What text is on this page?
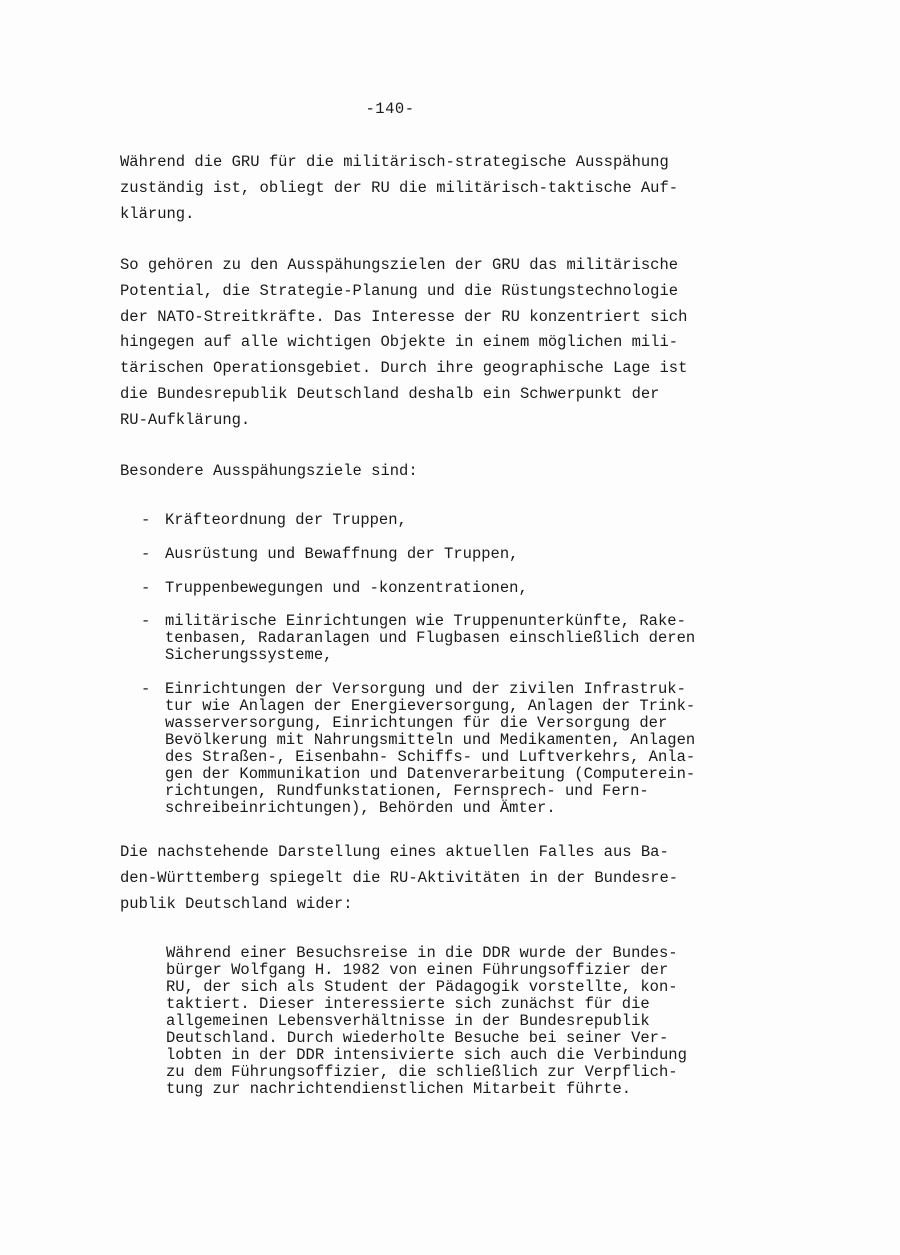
-140-

Während die GRU für die militärisch-strategische Ausspähung
zuständig ist, obliegt der RU die militärisch-taktische Auf-
klärung.

So gehören zu den Ausspähungszielen der GRU das militärische
Potential, die Strategie-Planung und die Rüstungstechnologie
der NATO-Streitkräfte. Das Interesse der RU konzentriert sich
hingegen auf alle wichtigen Objekte in einem möglichen mili-
tärischen Operationsgebiet. Durch ihre geographische Lage ist
die Bundesrepublik Deutschland deshalb ein Schwerpunkt der
RU-Aufklärung.

Besondere Ausspähungsziele sind:

- Kräfteordnung der Truppen,
- Ausrüstung und Bewaffnung der Truppen,
- Truppenbewegungen und -konzentrationen,
- militärische Einrichtungen wie Truppenunterkünfte, Rake-
tenbasen, Radaranlagen und Flugbasen einschließlich deren
Sicherungssysteme,
- Einrichtungen der Versorgung und der zivilen Infrastruk-
tur wie Anlagen der Energieversorgung, Anlagen der Trink-
wasserversorgung, Einrichtungen für die Versorgung der
Bevölkerung mit Nahrungsmitteln und Medikamenten, Anlagen
des Straßen-, Eisenbahn- Schiffs- und Luftverkehrs, Anla-
gen der Kommunikation und Datenverarbeitung (Computerein-
richtungen, Rundfunkstationen, Fernsprech- und Fern-
schreibeinrichtungen), Behörden und Ämter.

Die nachstehende Darstellung eines aktuellen Falles aus Ba-
den-Württemberg spiegelt die RU-Aktivitäten in der Bundesre-
publik Deutschland wider:

Während einer Besuchsreise in die DDR wurde der Bundes-
bürger Wolfgang H. 1982 von einen Führungsoffizier der
RU, der sich als Student der Pädagogik vorstellte, kon-
taktiert. Dieser interessierte sich zunächst für die
allgemeinen Lebensverhältnisse in der Bundesrepublik
Deutschland. Durch wiederholte Besuche bei seiner Ver-
lobten in der DDR intensivierte sich auch die Verbindung
zu dem Führungsoffizier, die schließlich zur Verpflich-
tung zur nachrichtendienstlichen Mitarbeit führte.
